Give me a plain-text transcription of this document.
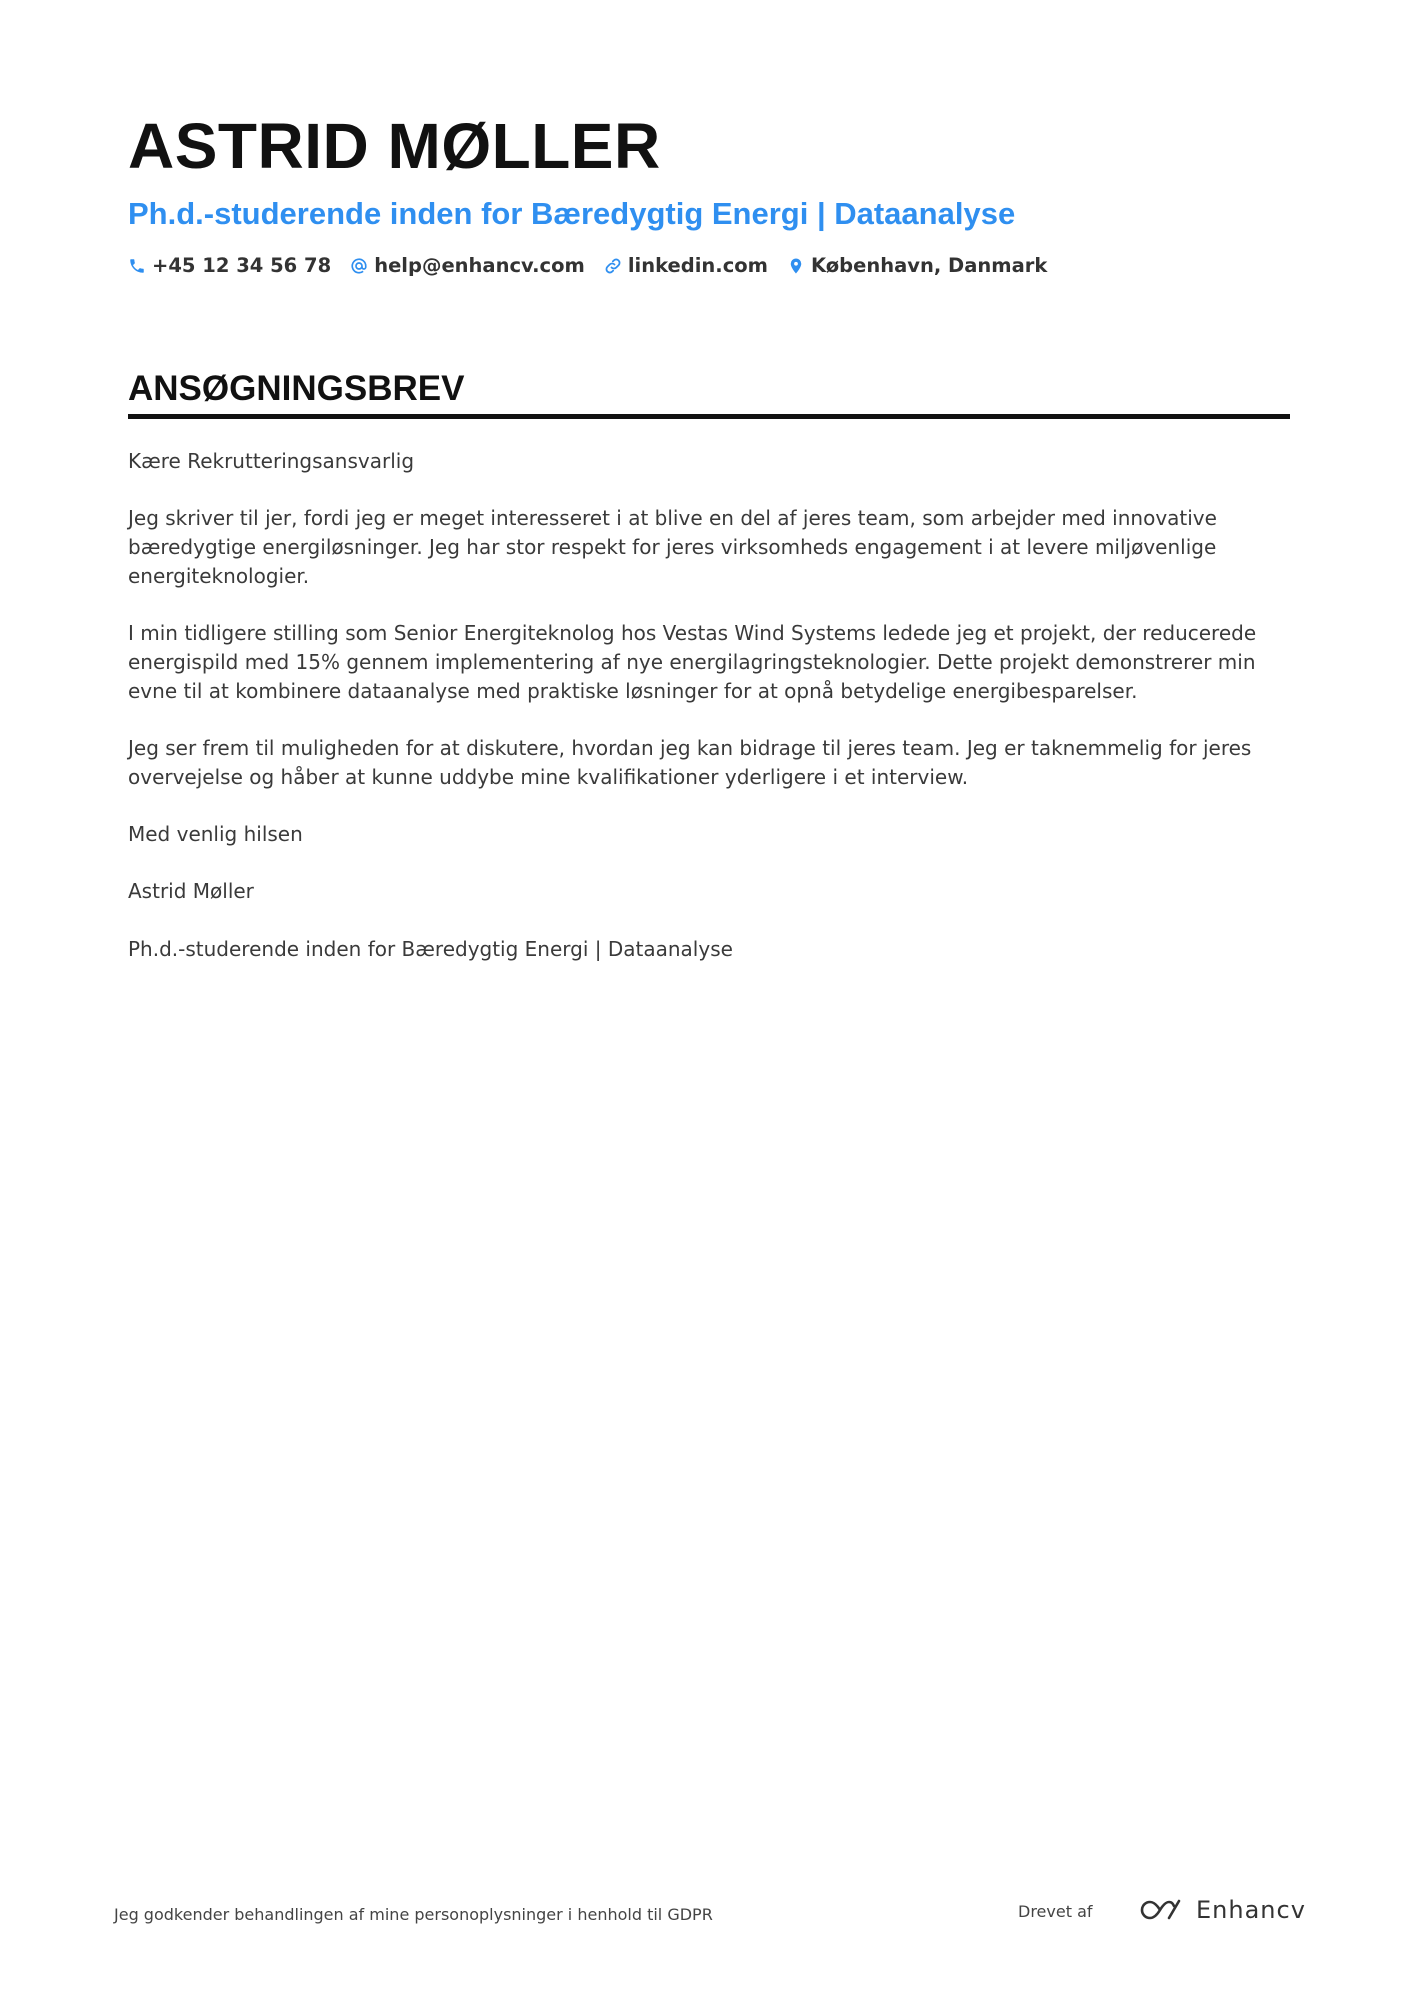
ASTRID MØLLER
Ph.d.-studerende inden for Bæredygtig Energi | Dataanalyse
+45 12 34 56 78 help@enhancv.com linkedin.com København, Danmark
ANSØGNINGSBREV

Kære Rekrutteringsansvarlig

Jeg skriver til jer, fordi jeg er meget interesseret i at blive en del af jeres team, som arbejder med innovative bæredygtige energiløsninger. Jeg har stor respekt for jeres virksomheds engagement i at levere miljøvenlige energiteknologier.

I min tidligere stilling som Senior Energiteknolog hos Vestas Wind Systems ledede jeg et projekt, der reducerede energispild med 15% gennem implementering af nye energilagringsteknologier. Dette projekt demonstrerer min evne til at kombinere dataanalyse med praktiske løsninger for at opnå betydelige energibesparelser.

Jeg ser frem til muligheden for at diskutere, hvordan jeg kan bidrage til jeres team. Jeg er taknemmelig for jeres overvejelse og håber at kunne uddybe mine kvalifikationer yderligere i et interview.

Med venlig hilsen

Astrid Møller

Ph.d.-studerende inden for Bæredygtig Energi | Dataanalyse

Jeg godkender behandlingen af mine personoplysninger i henhold til GDPR	Drevet af	Enhancv
